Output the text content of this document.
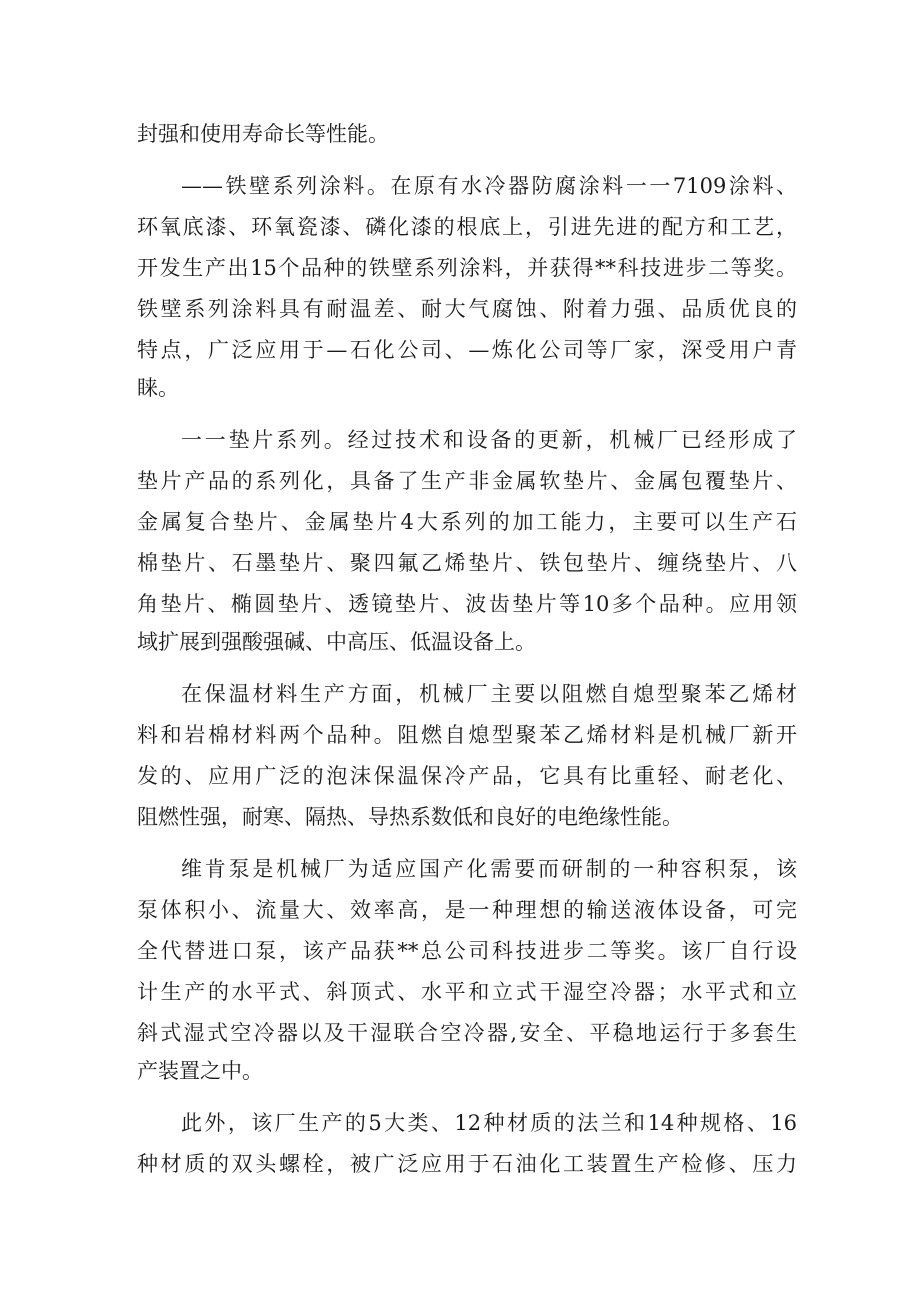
封强和使用寿命长等性能。
——铁壁系列涂料。在原有水冷器防腐涂料一一7109涂料、
环氧底漆、环氧瓷漆、磷化漆的根底上，引进先进的配方和工艺，
开发生产出15个品种的铁壁系列涂料，并获得**科技进步二等奖。
铁壁系列涂料具有耐温差、耐大气腐蚀、附着力强、品质优良的
特点，广泛应用于—石化公司、—炼化公司等厂家，深受用户青
睐。
一一垫片系列。经过技术和设备的更新，机械厂已经形成了
垫片产品的系列化，具备了生产非金属软垫片、金属包覆垫片、
金属复合垫片、金属垫片4大系列的加工能力，主要可以生产石
棉垫片、石墨垫片、聚四氟乙烯垫片、铁包垫片、缠绕垫片、八
角垫片、椭圆垫片、透镜垫片、波齿垫片等10多个品种。应用领
域扩展到强酸强碱、中高压、低温设备上。
在保温材料生产方面，机械厂主要以阻燃自熄型聚苯乙烯材
料和岩棉材料两个品种。阻燃自熄型聚苯乙烯材料是机械厂新开
发的、应用广泛的泡沫保温保冷产品，它具有比重轻、耐老化、
阻燃性强，耐寒、隔热、导热系数低和良好的电绝缘性能。
维肯泵是机械厂为适应国产化需要而研制的一种容积泵，该
泵体积小、流量大、效率高，是一种理想的输送液体设备，可完
全代替进口泵，该产品获**总公司科技进步二等奖。该厂自行设
计生产的水平式、斜顶式、水平和立式干湿空冷器；水平式和立
斜式湿式空冷器以及干湿联合空冷器,安全、平稳地运行于多套生
产装置之中。
此外，该厂生产的5大类、12种材质的法兰和14种规格、16
种材质的双头螺栓，被广泛应用于石油化工装置生产检修、压力
